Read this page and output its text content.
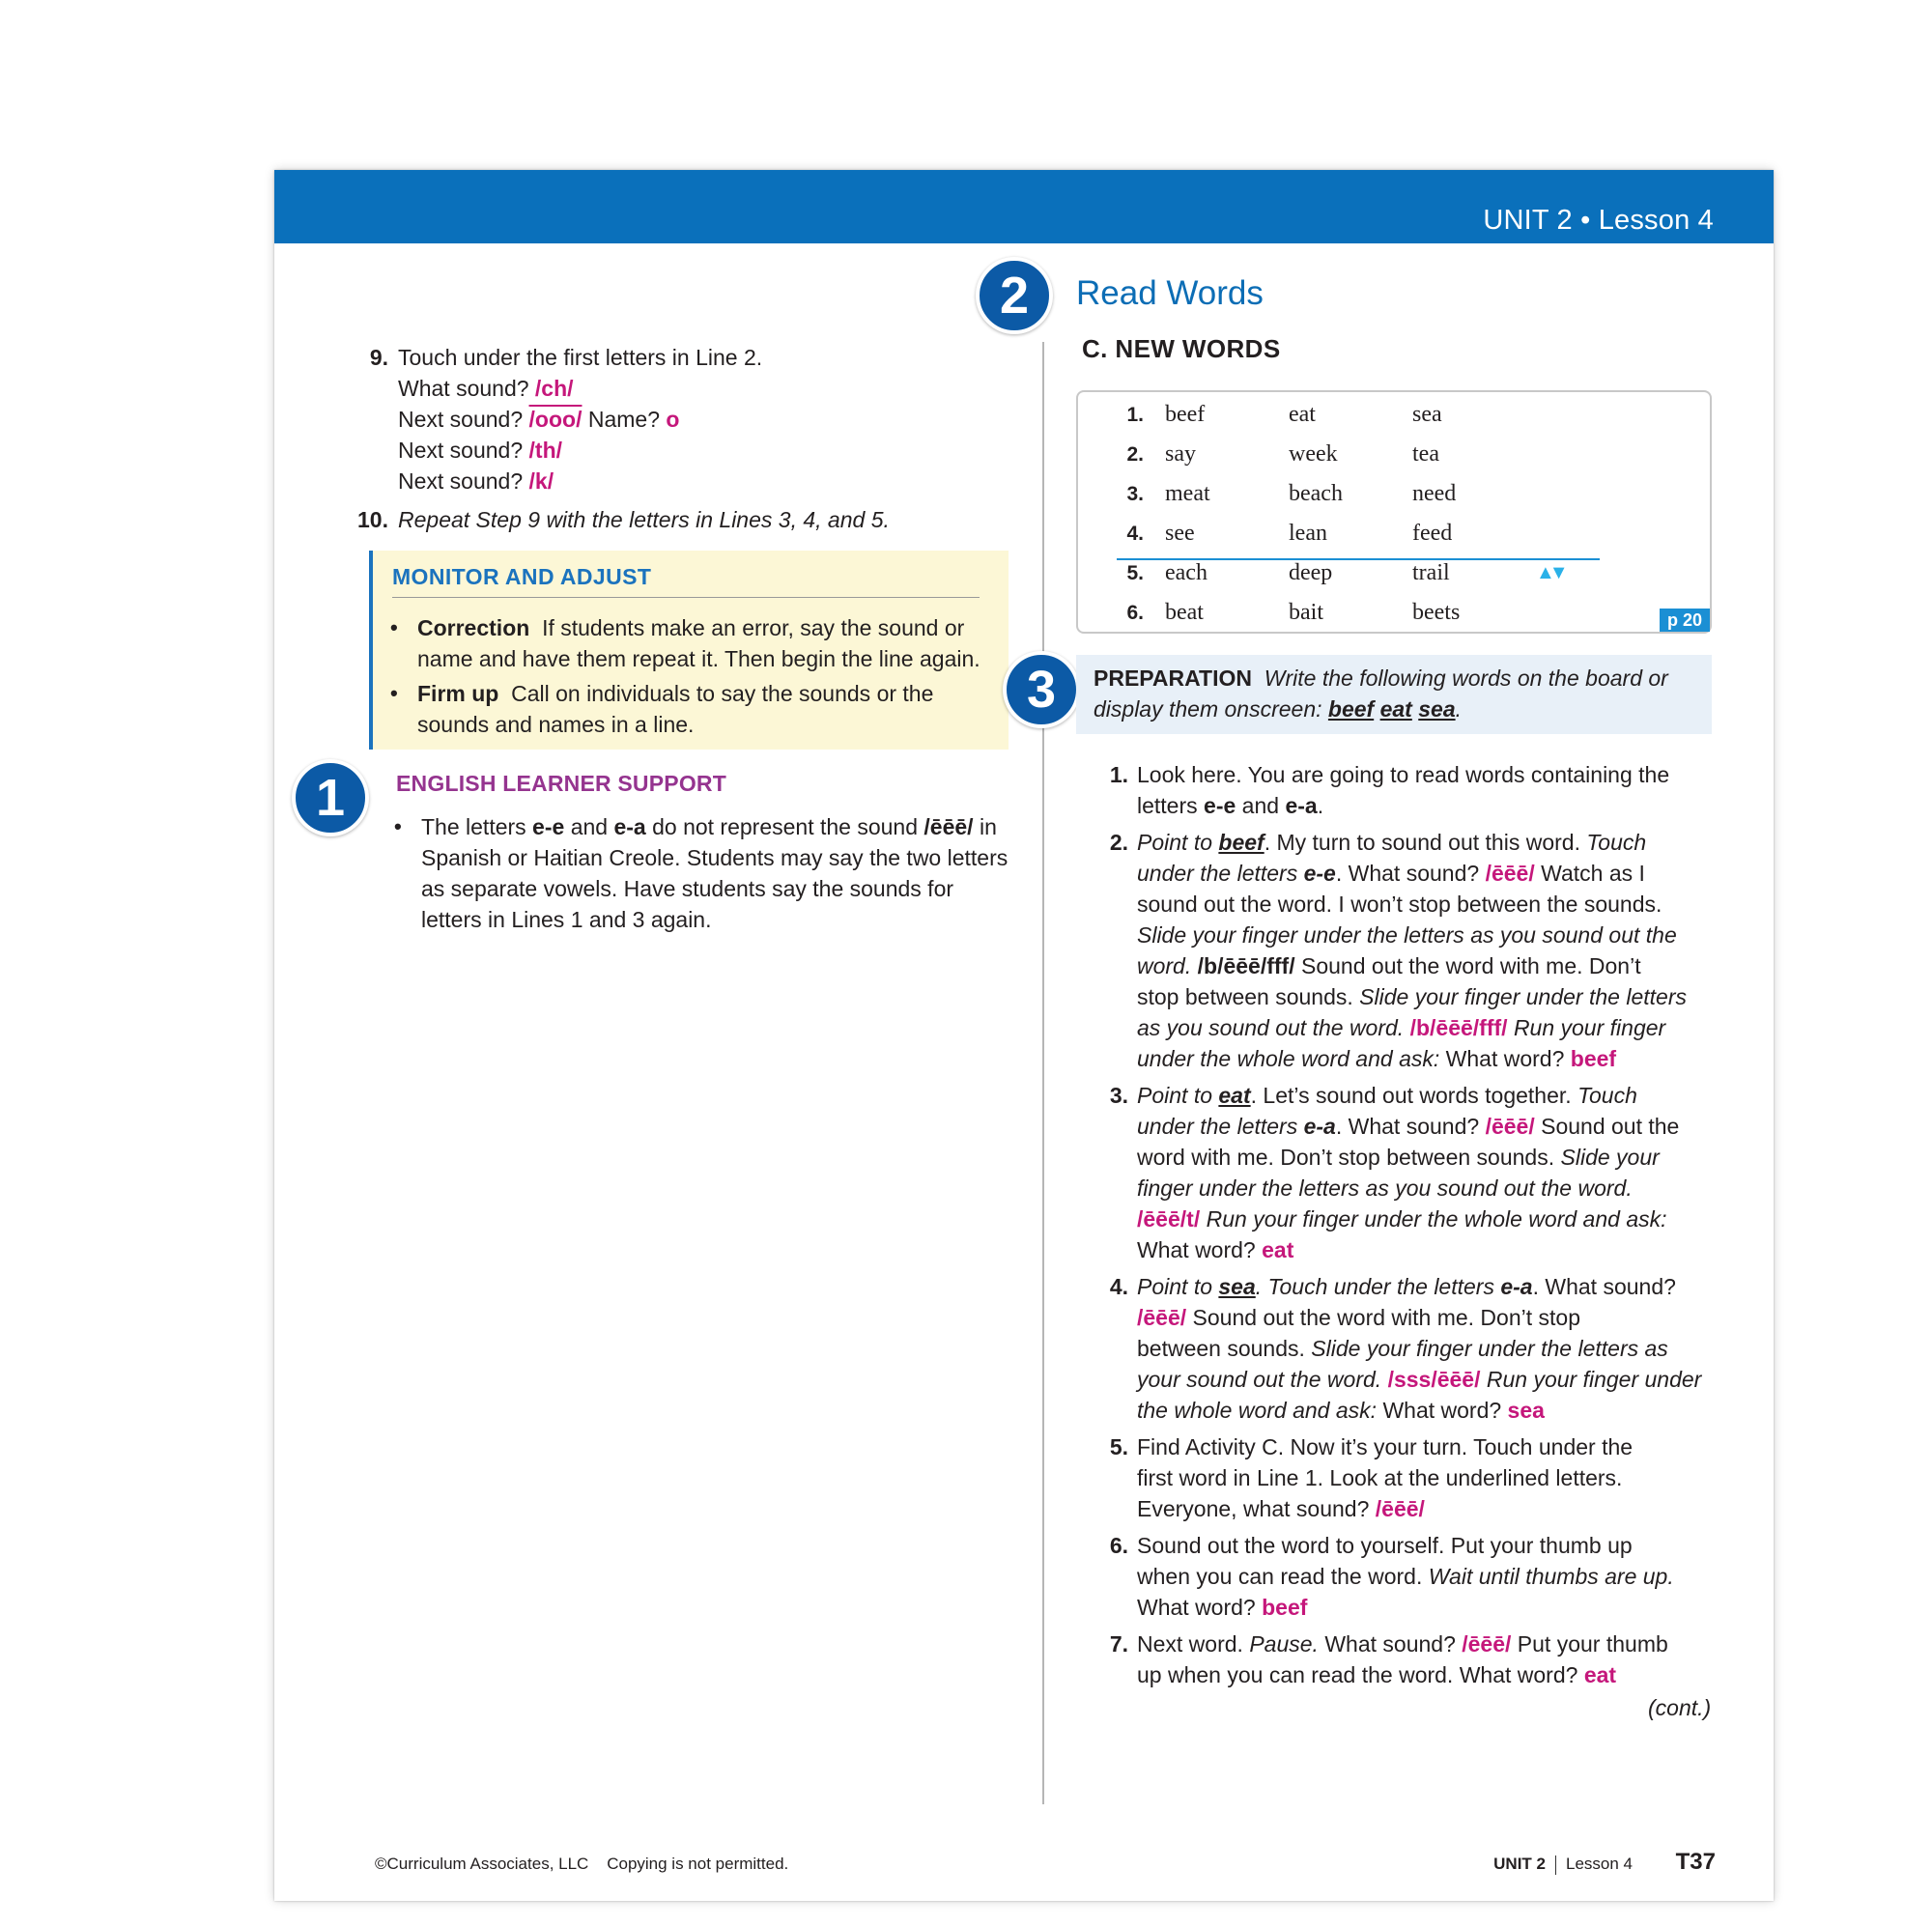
UNIT 2 • Lesson 4
9. Touch under the first letters in Line 2.
What sound? /ch/
Next sound? /ooo/ Name? o
Next sound? /th/
Next sound? /k/
10. Repeat Step 9 with the letters in Lines 3, 4, and 5.
MONITOR AND ADJUST
• Correction If students make an error, say the sound or
name and have them repeat it. Then begin the line again.
• Firm up Call on individuals to say the sounds or the
sounds and names in a line.
1	ENGLISH LEARNER SUPPORT
• The letters e-e and e-a do not represent the sound /ēēē/ in
Spanish or Haitian Creole. Students may say the two letters
as separate vowels. Have students say the sounds for
letters in Lines 1 and 3 again.
2	Read Words
C. NEW WORDS
1. beef	eat	sea
2. say	week	tea
3. meat	beach	need
4. see	lean	feed
▲▼
5. each	deep	trail
6. beat	bait	beets	p 20
3	PREPARATION Write the following words on the board or
display them onscreen: beef eat sea.
1. Look here. You are going to read words containing the
letters e-e and e-a.
2. Point to beef. My turn to sound out this word. Touch
under the letters e-e. What sound? /ēēē/ Watch as I
sound out the word. I won’t stop between the sounds.
Slide your finger under the letters as you sound out the
word. /b/ēēē/fff/ Sound out the word with me. Don’t
stop between sounds. Slide your finger under the letters
as you sound out the word. /b/ēēē/fff/ Run your finger
under the whole word and ask: What word? beef
3. Point to eat. Let’s sound out words together. Touch
under the letters e-a. What sound? /ēēē/ Sound out the
word with me. Don’t stop between sounds. Slide your
finger under the letters as you sound out the word.
/ēēē/t/ Run your finger under the whole word and ask:
What word? eat
4. Point to sea. Touch under the letters e-a. What sound?
/ēēē/ Sound out the word with me. Don’t stop
between sounds. Slide your finger under the letters as
your sound out the word. /sss/ēēē/ Run your finger under
the whole word and ask: What word? sea
5. Find Activity C. Now it’s your turn. Touch under the
first word in Line 1. Look at the underlined letters.
Everyone, what sound? /ēēē/
6. Sound out the word to yourself. Put your thumb up
when you can read the word. Wait until thumbs are up.
What word? beef
7. Next word. Pause. What sound? /ēēē/ Put your thumb
up when you can read the word. What word? eat
(cont.)
©Curriculum Associates, LLC    Copying is not permitted.	UNIT 2 Lesson 4 T37
